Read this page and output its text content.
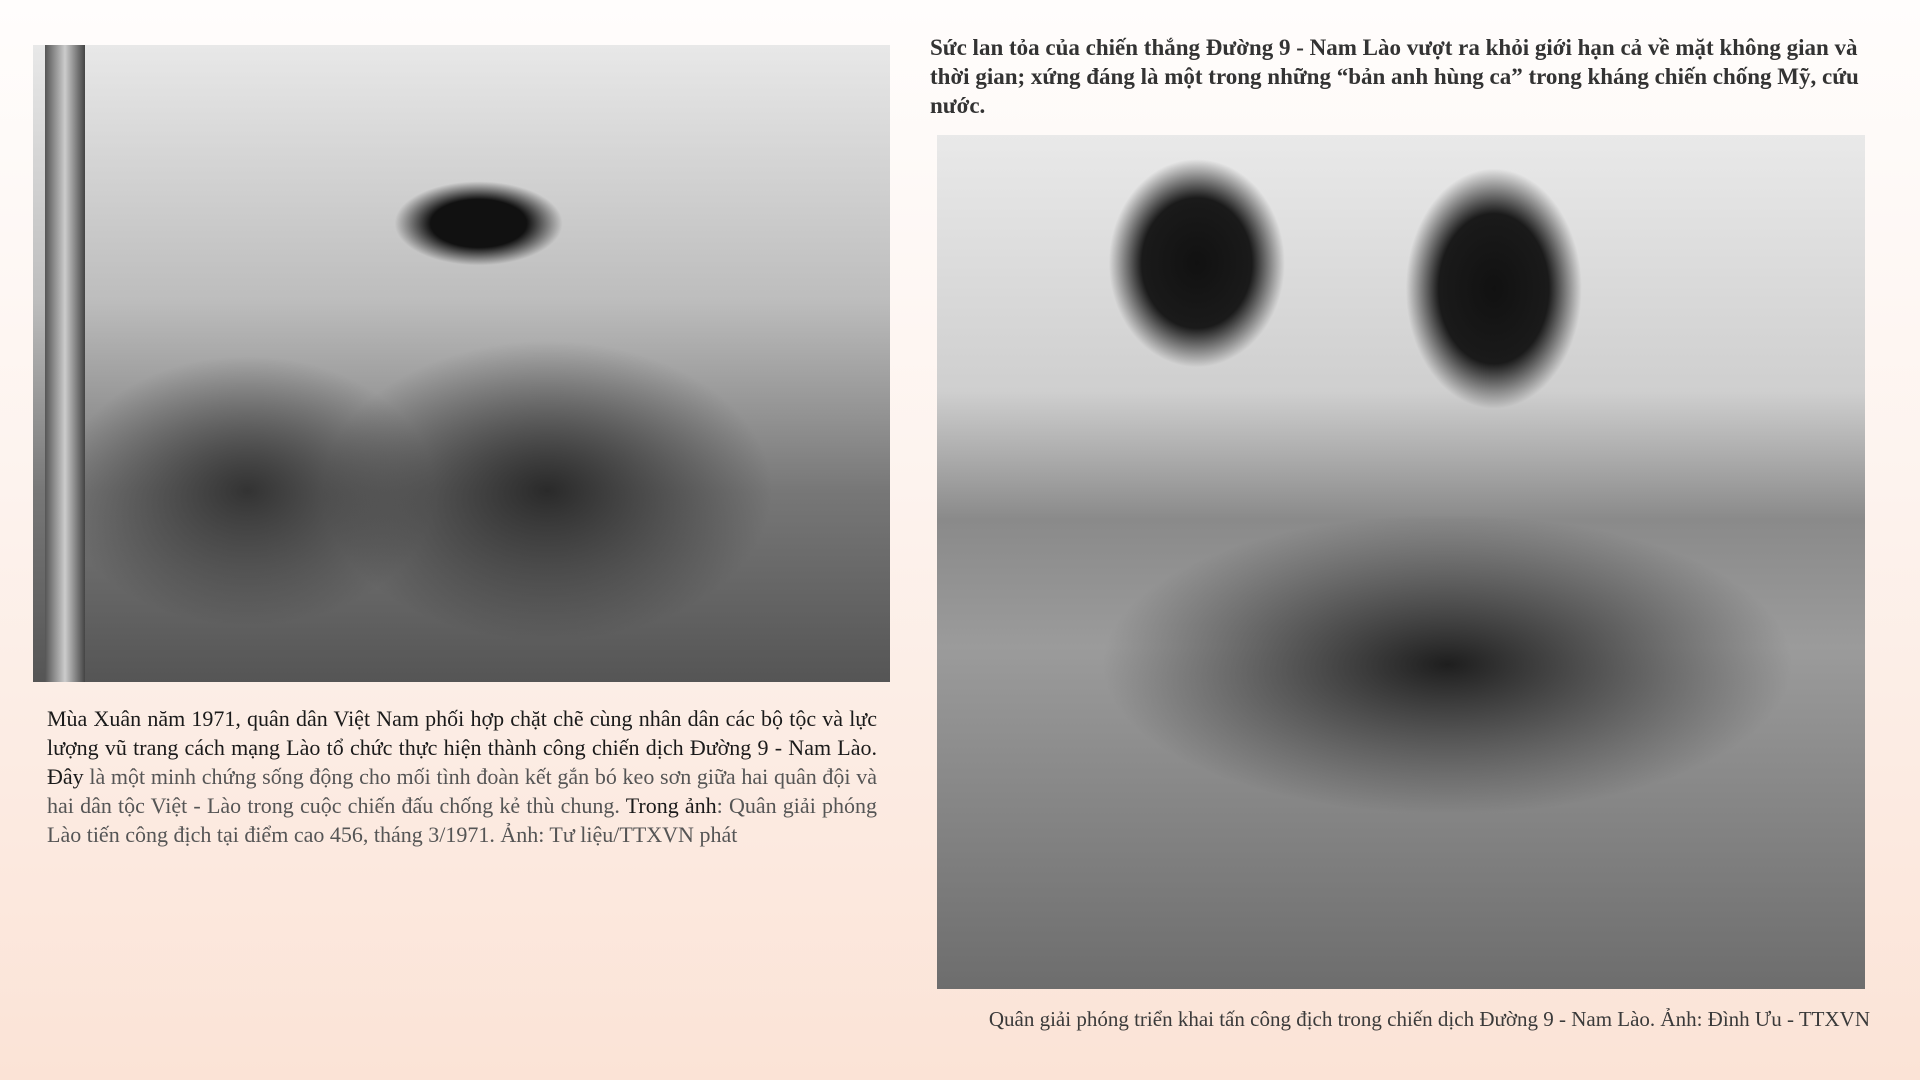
Mùa Xuân năm 1971, quân dân Việt Nam phối hợp chặt chẽ cùng nhân dân các bộ tộc và lực lượng vũ trang cách mạng Lào tổ chức thực hiện thành công chiến dịch Đường 9 - Nam Lào. Đây là một minh chứng sống động cho mối tình đoàn kết gắn bó keo sơn giữa hai quân đội và hai dân tộc Việt - Lào trong cuộc chiến đấu chống kẻ thù chung. Trong ảnh: Quân giải phóng Lào tiến công địch tại điểm cao 456, tháng 3/1971. Ảnh: Tư liệu/TTXVN phát
Sức lan tỏa của chiến thắng Đường 9 - Nam Lào vượt ra khỏi giới hạn cả về mặt không gian và thời gian; xứng đáng là một trong những “bản anh hùng ca” trong kháng chiến chống Mỹ, cứu nước.
Quân giải phóng triển khai tấn công địch trong chiến dịch Đường 9 - Nam Lào. Ảnh: Đình Ưu - TTXVN
